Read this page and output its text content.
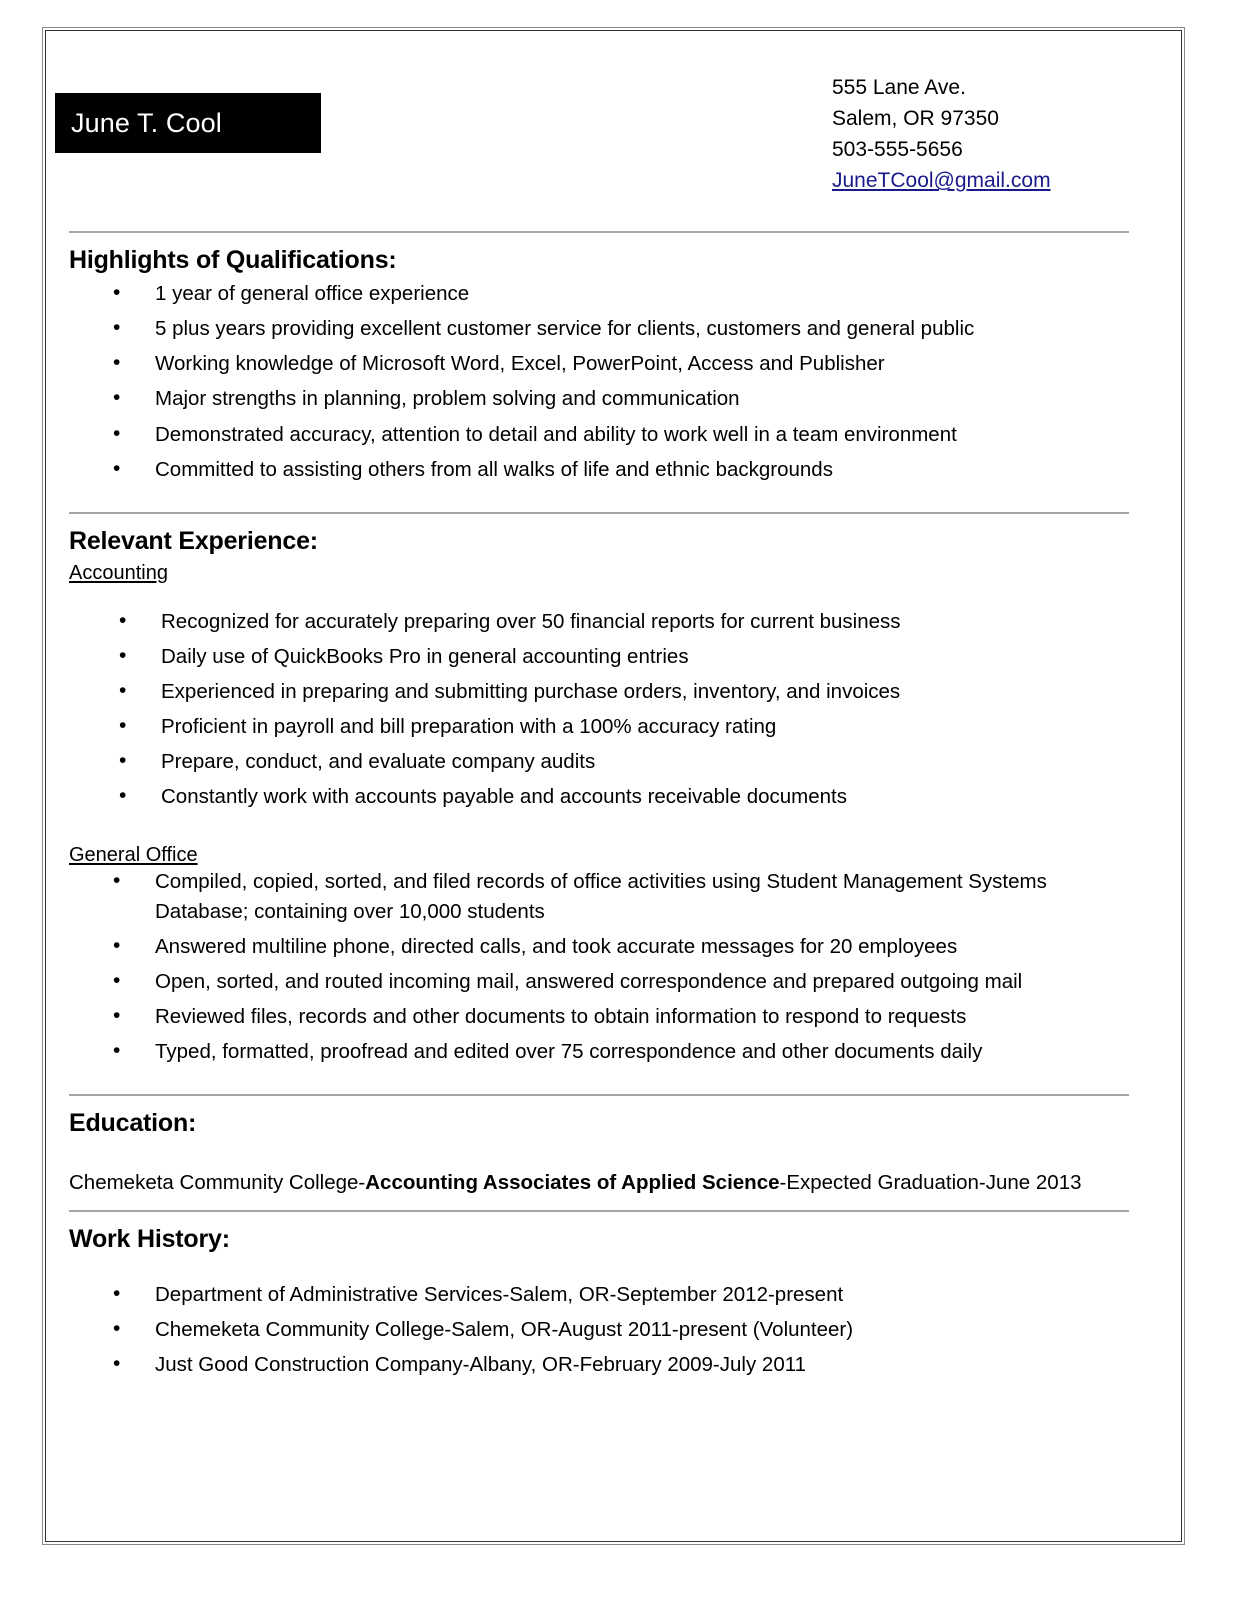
June T. Cool
555 Lane Ave.
Salem, OR 97350
503-555-5656
JuneTCool@gmail.com
Highlights of Qualifications:
• 1 year of general office experience
• 5 plus years providing excellent customer service for clients, customers and general public
• Working knowledge of Microsoft Word, Excel, PowerPoint, Access and Publisher
• Major strengths in planning, problem solving and communication
• Demonstrated accuracy, attention to detail and ability to work well in a team environment
• Committed to assisting others from all walks of life and ethnic backgrounds
Relevant Experience:
Accounting
• Recognized for accurately preparing over 50 financial reports for current business
• Daily use of QuickBooks Pro in general accounting entries
• Experienced in preparing and submitting purchase orders, inventory, and invoices
• Proficient in payroll and bill preparation with a 100% accuracy rating
• Prepare, conduct, and evaluate company audits
• Constantly work with accounts payable and accounts receivable documents
General Office
• Compiled, copied, sorted, and filed records of office activities using Student Management Systems Database; containing over 10,000 students
• Answered multiline phone, directed calls, and took accurate messages for 20 employees
• Open, sorted, and routed incoming mail, answered correspondence and prepared outgoing mail
• Reviewed files, records and other documents to obtain information to respond to requests
• Typed, formatted, proofread and edited over 75 correspondence and other documents daily
Education:

Chemeketa Community College-Accounting Associates of Applied Science-Expected Graduation-June 2013

Work History:
• Department of Administrative Services-Salem, OR-September 2012-present
• Chemeketa Community College-Salem, OR-August 2011-present (Volunteer)
• Just Good Construction Company-Albany, OR-February 2009-July 2011
